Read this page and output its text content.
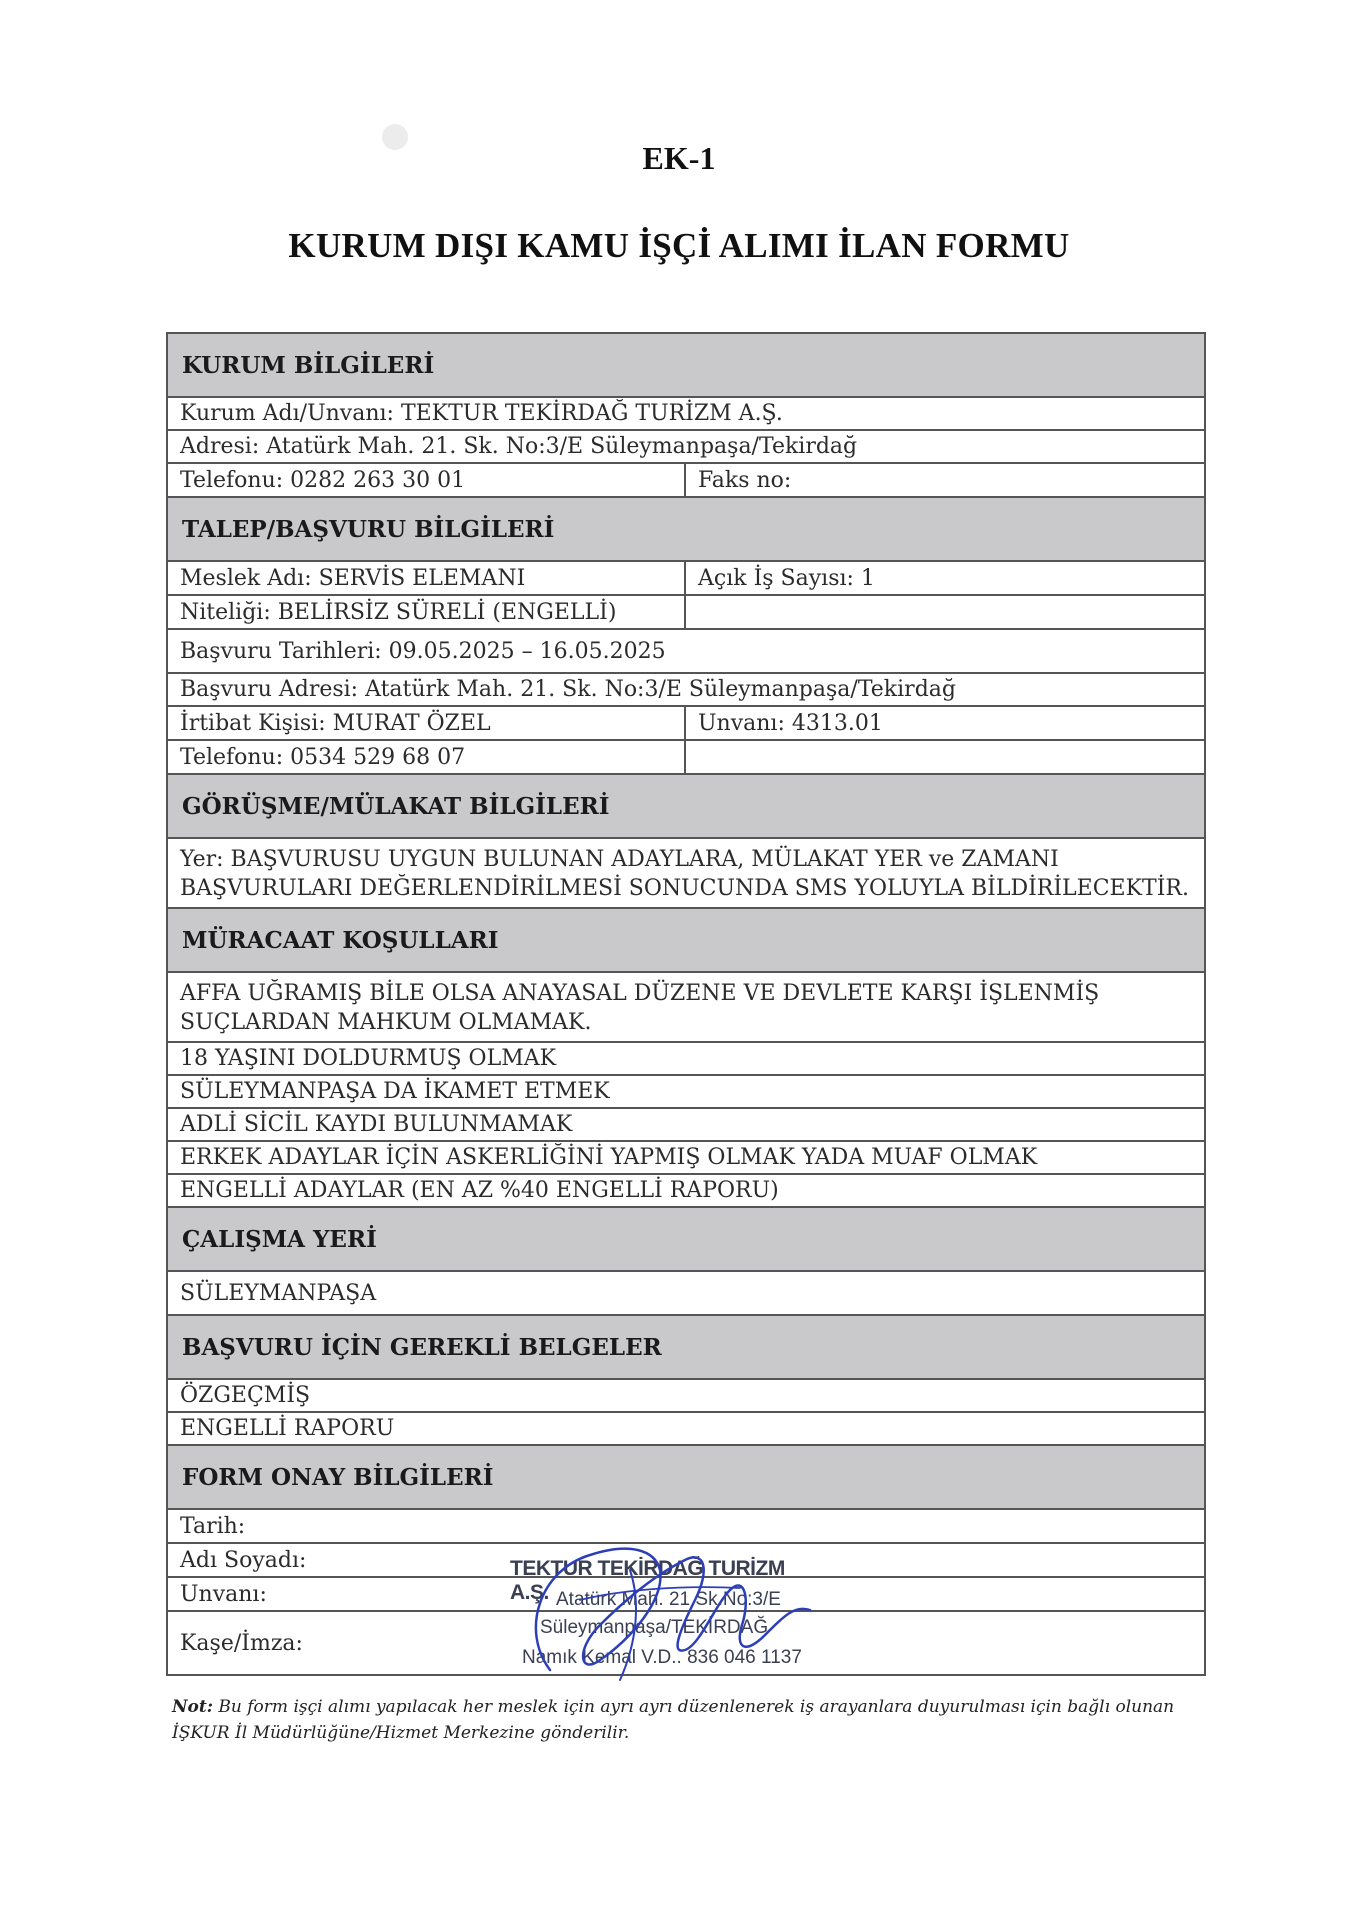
EK-1
KURUM DIŞI KAMU İŞÇİ ALIMI İLAN FORMU
KURUM BİLGİLERİ
Kurum Adı/Unvanı: TEKTUR TEKİRDAĞ TURİZM A.Ş.
Adresi: Atatürk Mah. 21. Sk. No:3/E Süleymanpaşa/Tekirdağ
Telefonu: 0282 263 30 01	Faks no:
TALEP/BAŞVURU BİLGİLERİ
Meslek Adı: SERVİS ELEMANI	Açık İş Sayısı: 1
Niteliği: BELİRSİZ SÜRELİ (ENGELLİ)
Başvuru Tarihleri: 09.05.2025 – 16.05.2025
Başvuru Adresi: Atatürk Mah. 21. Sk. No:3/E Süleymanpaşa/Tekirdağ
İrtibat Kişisi: MURAT ÖZEL	Unvanı: 4313.01
Telefonu: 0534 529 68 07
GÖRÜŞME/MÜLAKAT BİLGİLERİ
Yer: BAŞVURUSU UYGUN BULUNAN ADAYLARA, MÜLAKAT YER ve ZAMANI
BAŞVURULARI DEĞERLENDİRİLMESİ SONUCUNDA SMS YOLUYLA BİLDİRİLECEKTİR.
MÜRACAAT KOŞULLARI
AFFA UĞRAMIŞ BİLE OLSA ANAYASAL DÜZENE VE DEVLETE KARŞI İŞLENMİŞ
SUÇLARDAN MAHKUM OLMAMAK.
18 YAŞINI DOLDURMUŞ OLMAK
SÜLEYMANPAŞA DA İKAMET ETMEK
ADLİ SİCİL KAYDI BULUNMAMAK
ERKEK ADAYLAR İÇİN ASKERLİĞİNİ YAPMIŞ OLMAK YADA MUAF OLMAK
ENGELLİ ADAYLAR (EN AZ %40 ENGELLİ RAPORU)
ÇALIŞMA YERİ
SÜLEYMANPAŞA
BAŞVURU İÇİN GEREKLİ BELGELER
ÖZGEÇMİŞ
ENGELLİ RAPORU
FORM ONAY BİLGİLERİ
Tarih:
Adı Soyadı:
Unvanı:
Kaşe/İmza:
TEKTUR TEKİRDAĞ TURİZM A.Ş. Atatürk Mah. 21 Sk.No:3/E
Süleymanpaşa/TEKİRDAĞ
Namık Kemal V.D.. 836 046 1137
Not: Bu form işçi alımı yapılacak her meslek için ayrı ayrı düzenlenerek iş arayanlara duyurulması için bağlı olunan İŞKUR İl Müdürlüğüne/Hizmet Merkezine gönderilir.
